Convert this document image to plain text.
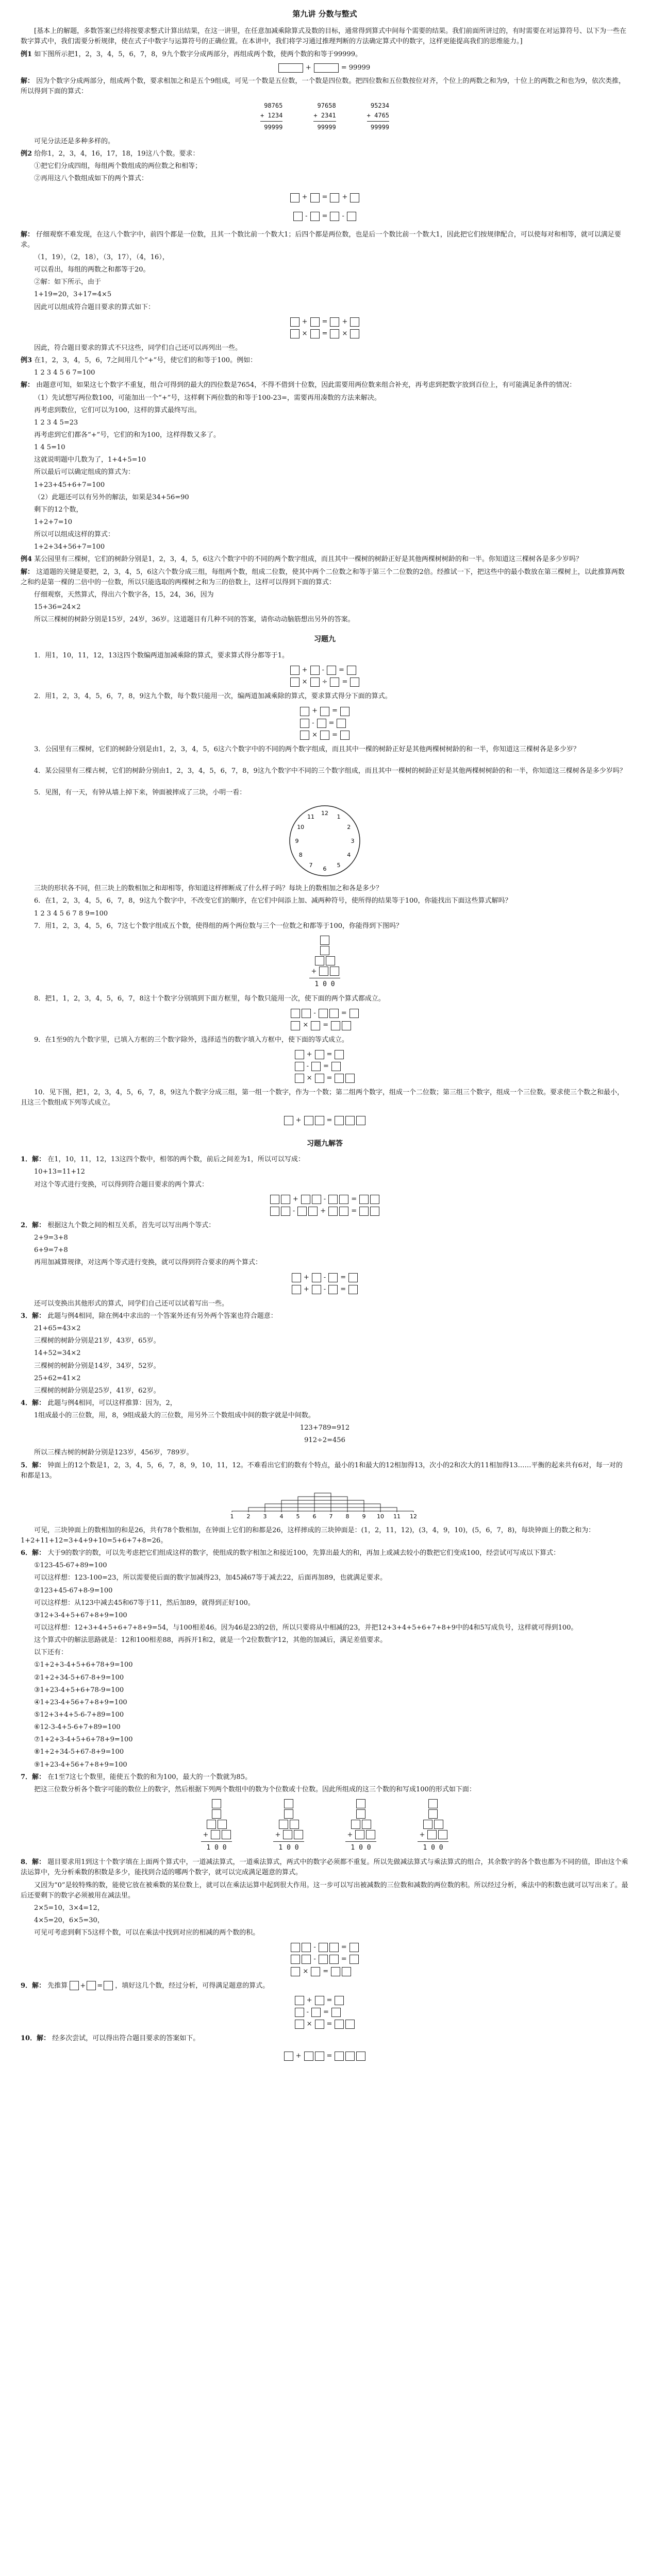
第九讲 分数与整式

[基本上的解题，多数答案已经将按要求整式计算出结果，在这一讲里，在任意加减乘除算式及数的目标，通常得到算式中间每个需要的结果。我们前面所讲过的，有时需要在对运算符号、以下为一些在数字算式中，我们需要分析规律，使在式子中数字与运算符号的正确位置。在本讲中，我们将学习通过推理判断的方法确定算式中的数字，这样更能提高我们的思维能力。]

例1 如下图所示把1，2，3，4，5，6，7，8，9九个数字分成两部分，再组成两个数，使两个数的和等于99999。

+	= 99999

解： 因为个数字分成两部分，组成两个数，要求相加之和是五个9组成，可见一个数是五位数，一个数是四位数。把四位数和五位数按位对齐，个位上的两数之和为9，十位上的两数之和也为9，依次类推，所以得到下面的算式：

98765
+ 1234
99999
97658
+ 2341
99999
95234
+ 4765
99999

可见分法还是多种多样的。

例2 给你1，2，3，4，16，17，18，19这八个数。要求：

①把它们分成四组，每组两个数组成的两位数之和相等；

②再用这八个数组成如下的两个算式：

+ = +
- = -

解： 仔细观察不难发现，在这八个数字中，前四个都是一位数，且其一个数比前一个数大1；后四个都是两位数，也是后一个数比前一个数大1，因此把它们按规律配合，可以使每对和相等，就可以满足要求。

（1，19），（2，18），（3，17），（4，16），

可以看出，每组的两数之和都等于20。

②解：如下所示，由于

1+19=20，3+17=4×5

因此可以组成符合题目要求的算式如下：

+ = +
× = ×

因此，符合题目要求的算式不只这些，同学们自己还可以再列出一些。

例3 在1，2，3，4，5，6，7之间用几个“+”号，使它们的和等于100。例如：

1 2 3 4 5 6 7=100

解： 由题意可知，如果这七个数字不重复，组合可得到的最大的四位数是7654，不得不借到十位数，因此需要用两位数来组合补充，再考虑到把数字放到百位上，有可能满足条件的情况：

（1）先试想写两位数100，可能加出一个“+”号，这样剩下两位数的和等于100-23=，需要再用凑数的方法来解决。

再考虑到数位，它们可以为100，这样的算式最终写出。

1 2 3 4 5=23

再考虑到它们都各“+”号，它们的和为100，这样得数又多了。

1 4 5=10

这就说明题中几数为了，1+4+5=10

所以最后可以确定组成的算式为：

1+23+45+6+7=100

（2）此题还可以有另外的解法，如果是34+56=90

剩下的12个数，

1+2+7=10

所以可以组成这样的算式：

1+2+34+56+7=100

例4 某公园里有三棵树，它们的树龄分别是1，2，3，4，5，6这六个数字中的不同的两个数字组成，而且其中一棵树的树龄正好是其他两棵树树龄的和一半。你知道这三棵树各是多少岁吗？

解： 这道题的关键是要把，2，3，4，5，6这六个数分成三组，每组两个数，组成二位数，使其中两个二位数之和等于第三个二位数的2倍。经推试一下，把这些中的最小数放在第三棵树上，以此推算两数之和约是第一棵的二倍中的一位数，所以只能选取的两棵树之和为三的倍数上，这样可以得到下面的算式：

仔细观察，天然算式，得出六个数字各，15，24，36，因为

15+36=24×2

所以三棵树的树龄分别是15岁，24岁，36岁。这道题目有几种不同的答案，请你动动脑筋想出另外的答案。

习题九

1．用1，10，11，12，13这四个数编两道加减乘除的算式，要求算式得分都等于1。

+ - =
× ÷ =

2．用1，2，3，4，5，6，7，8，9这九个数，每个数只能用一次，编两道加减乘除的算式，要求算式得分下面的算式。

+ =
- =
× =

3．公园里有三棵树，它们的树龄分别是由1，2，3，4，5，6这六个数字中的不同的两个数字组成，而且其中一棵的树龄正好是其他两棵树树龄的和一半，你知道这三棵树各是多少岁？

4．某公园里有三棵古树，它们的树龄分别由1，2，3，4，5，6，7，8，9这九个数字中不同的三个数字组成，而且其中一棵树的树龄正好是其他两棵树树龄的和一半，你知道这三棵树各是多少岁吗？

5．见图，有一天，有钟从墙上掉下来，钟面被摔成了三块，小明一看：

12
1
2
3
4
5
6
7
8
9
10
11

三块的形状各不同，但三块上的数相加之和却相等，你知道这样摔断成了什么样子吗？每块上的数相加之和各是多少？

6．在1，2，3，4，5，6，7，8，9这九个数字中，不改变它们的顺序，在它们中间添上加、减两种符号，使所得的结果等于100，你能找出下面这些算式解吗？

1 2 3 4 5 6 7 8 9=100

7．用1，2，3，4，5，6，7这七个数字组成五个数，使得组的两个两位数与三个一位数之和都等于100，你能得到下图吗？

+
1 0 0

8．把1，1，2，3，4，5，6，7，8这十个数字分别填到下面方框里，每个数只能用一次，使下面的两个算式都成立。

-	=
× =

9．在1至9的九个数字里，已填入方框的三个数字除外，选择适当的数字填入方框中，使下面的等式成立。

+ =
- =
× =

10．见下图，把1，2，3，4，5，6，7，8，9这九个数字分成三组，第一组一个数字，作为一个数；第二组两个数字，组成一个二位数；第三组三个数字，组成一个三位数。要求使三个数之和最小，且这三个数组成下列等式成立。

+	=
习题九解答

1．解： 在1，10，11，12，13这四个数中，相邻的两个数，前后之间差为1，所以可以写成：

10+13=11+12

对这个等式进行变换，可以得到符合题目要求的两个算式：

+	-	=
-	+	=

2．解： 根据这九个数之间的相互关系，首先可以写出两个等式：

2+9=3+8

6+9=7+8

再用加减算规律，对这两个等式进行变换，就可以得到符合要求的两个算式：

+ - =
+ - =

还可以变换出其他形式的算式，同学们自己还可以试着写出一些。

3．解： 此题与例4相同，除在例4中求出的一个答案外还有另外两个答案也符合题意：

21+65=43×2

三棵树的树龄分别是21岁，43岁，65岁。

14+52=34×2

三棵树的树龄分别是14岁，34岁，52岁。

25+62=41×2

三棵树的树龄分别是25岁，41岁，62岁。

4．解： 此题与例4相同，可以这样推算：因为，2，

1组成最小的三位数，用，8，9组成最大的三位数，用另外三个数组成中间的数字就是中间数。

123+789=912

912÷2=456

所以三棵古树的树龄分别是123岁，456岁，789岁。

5．解： 钟面上的12个数是1，2，3，4，5，6，7，8，9，10，11，12。不难看出它们的数有个特点，最小的1和最大的12相加得13，次小的2和次大的11相加得13……平衡的起来共有6对，每一对的和都是13。

1 2 3 4 5 6 7 8 9 10 11 12

可见，三块钟面上的数相加的和是26，共有78个数相加，在钟面上它们的和都是26，这样摔成的三块钟面是：(1，2，11，12)，(3，4，9，10)，(5，6，7，8)，每块钟面上的数之和为：1+2+11+12=3+4+9+10=5+6+7+8=26。

6．解： 大于9的数字的数，可以先考虑把它们组成这样的数字，使组成的数字相加之和接近100，先算出最大的和，再加上或减去较小的数把它们变成100，经尝试可写成以下算式：

①123-45-67+89=100

可以这样想：123-100=23，所以需要使后面的数字加减得23，加45减67等于减去22，后面再加89，也就满足要求。

②123+45-67+8-9=100

可以这样想：从123中减去45和67等于11，然后加89，就得到正好100。

③12+3-4+5+67+8+9=100

可以这样想：12+3+4+5+6+7+8+9=54，与100相差46。因为46是23的2倍，所以只要将从中相减的23，并把12+3+4+5+6+7+8+9中的4和5写成负号，这样就可得到100。

这个算式中的解法思路就是：12和100相差88，再拆开1和2，就是一个2位数数字12，其他的加减后，满足差值要求。

以下还有：

①1+2+3-4+5+6+78+9=100

②1+2+34-5+67-8+9=100

③1+23-4+5+6+78-9=100

④1+23-4+56+7+8+9=100

⑤12+3+4+5-6-7+89=100

⑥12-3-4+5-6+7+89=100

⑦1+2+3-4+5+6+78+9=100

⑧1+2+34-5+67-8+9=100

⑨1+23-4+56+7+8+9=100

7．解： 在1至7这七个数里，能使五个数的和为100，最大的一个数就为85。

把这三位数分析各个数字可能的数位上的数字，然后根据下列两个数组中的数为个位数或十位数。因此所组成的这三个数的和写成100的形式如下面：

+
1 0 0
+
1 0 0
+
1 0 0
+
1 0 0

8．解： 题目要求用1到这十个数字填在上面两个算式中，一道减法算式，一道乘法算式，两式中的数字必须都不重复。所以先做减法算式与乘法算式的组合，其余数字的各个数也都为不同的值，即由这个乘法运算中，先分析乘数的积数是多少，能找到合适的哪两个数字，就可以完成满足题意的算式。

又因为“0”是较特殊的数，能使它放在被乘数的某位数上，就可以在乘法运算中起到很大作用。这一步可以写出被减数的三位数和减数的两位数的积。所以经过分析，乘法中的积数也就可以写出来了。最后还要剩下的数字必须被用在减法里。

2×5=10，3×4=12，

4×5=20，6×5=30，

可见可考虑到剩下5这样个数，可以在乘法中找到对应的相减的两个数的积。

-	=
-	=
× =

9．解： 先推算 + = ，填好这几个数，经过分析，可得满足题意的算式。

+ =
- =
× =

10．解： 经多次尝试，可以得出符合题目要求的答案如下。

+	=
